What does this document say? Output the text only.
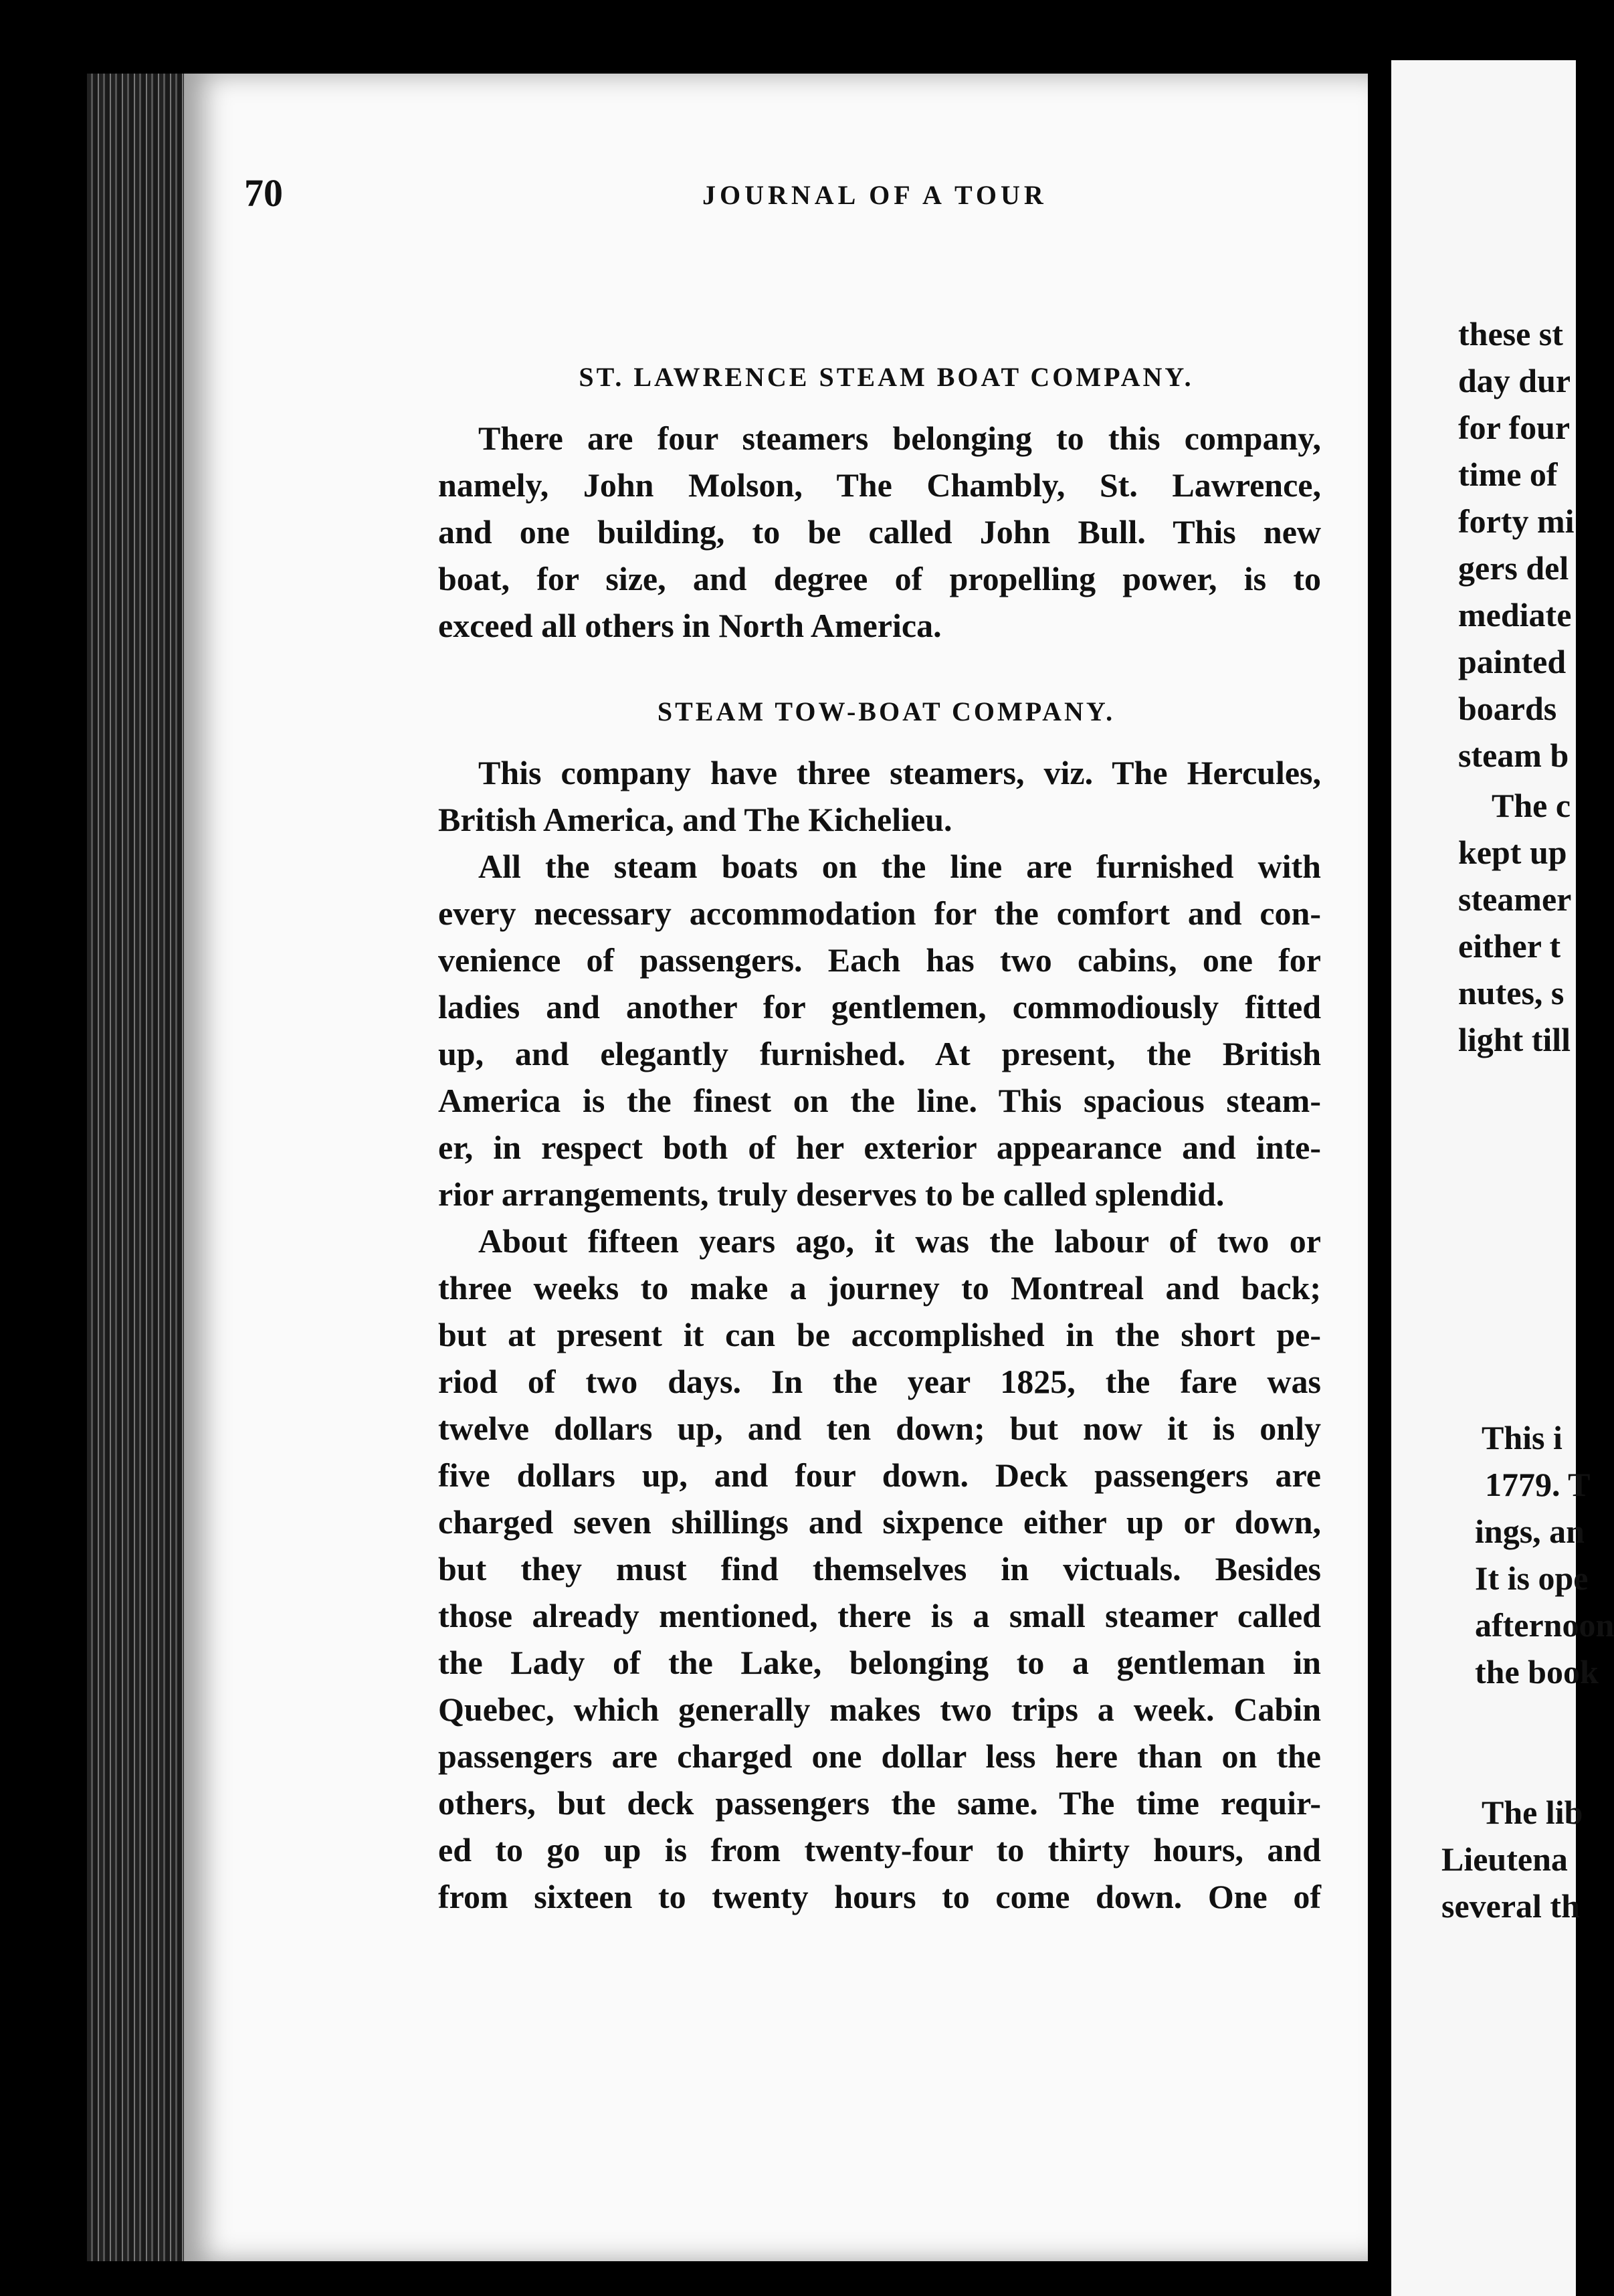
70	JOURNAL OF A TOUR
ST. LAWRENCE STEAM BOAT COMPANY.
There are four steamers belonging to this company,
namely, John Molson, The Chambly, St. Lawrence,
and one building, to be called John Bull. This new
boat, for size, and degree of propelling power, is to
exceed all others in North America.
STEAM TOW-BOAT COMPANY.
This company have three steamers, viz. The Hercules,
British America, and The Kichelieu.
All the steam boats on the line are furnished with
every necessary accommodation for the comfort and con-
venience of passengers. Each has two cabins, one for
ladies and another for gentlemen, commodiously fitted
up, and elegantly furnished. At present, the British
America is the finest on the line. This spacious steam-
er, in respect both of her exterior appearance and inte-
rior arrangements, truly deserves to be called splendid.
About fifteen years ago, it was the labour of two or
three weeks to make a journey to Montreal and back;
but at present it can be accomplished in the short pe-
riod of two days. In the year 1825, the fare was
twelve dollars up, and ten down; but now it is only
five dollars up, and four down. Deck passengers are
charged seven shillings and sixpence either up or down,
but they must find themselves in victuals. Besides
those already mentioned, there is a small steamer called
the Lady of the Lake, belonging to a gentleman in
Quebec, which generally makes two trips a week. Cabin
passengers are charged one dollar less here than on the
others, but deck passengers the same. The time requir-
ed to go up is from twenty-four to thirty hours, and
from sixteen to twenty hours to come down. One of
these st
day dur
for four
time of
forty mi
gers del
mediate
painted
boards
steam b
The c
kept up
steamer
either t
nutes, s
light till
This i
1779. T
ings, an
It is ope
afternoon
the book
The lib
Lieutena
several th
